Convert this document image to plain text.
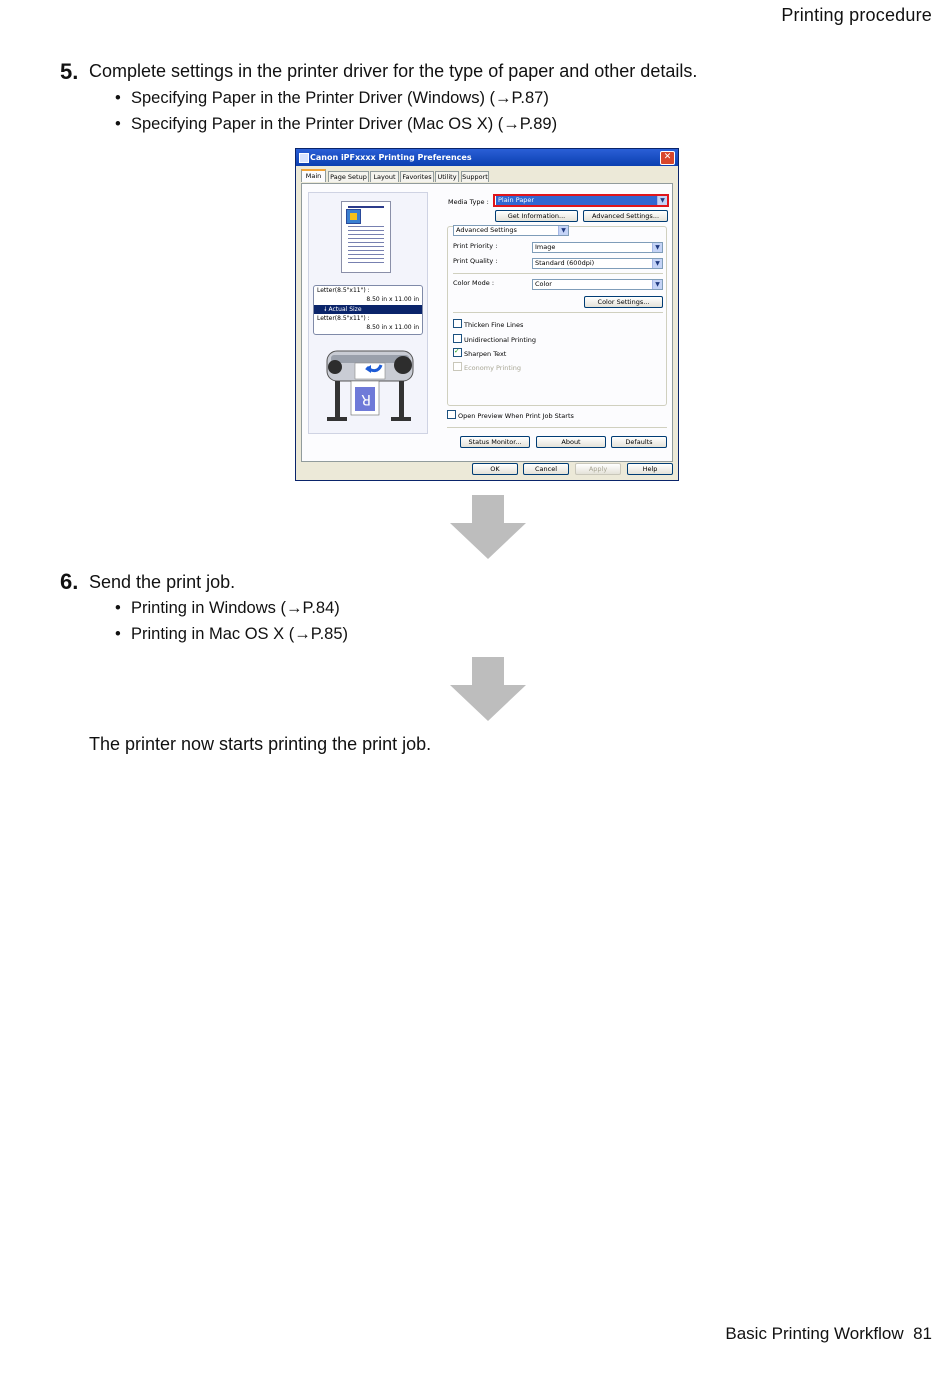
Printing procedure
Basic Printing Workflow 81
5. Complete settings in the printer driver for the type of paper and other details.
• Specifying Paper in the Printer Driver (Windows) (→P.87)
• Specifying Paper in the Printer Driver (Mac OS X) (→P.89)
Canon iPFxxxx Printing Preferences	✕
Main	Page Setup	Layout	Favorites Utility Support
Letter(8.5"x11") :
8.50 in x 11.00 in
🠗 Actual Size
Letter(8.5"x11") :
8.50 in x 11.00 in
R
Media Type :	Plain Paper	▼
Get Information...	Advanced Settings...
Advanced Settings	▼
Print Priority :	Image	▼
Print Quality :	Standard (600dpi)	▼
Color Mode :	Color	▼
Color Settings...
Thicken Fine Lines
Unidirectional Printing
✓Sharpen Text
Economy Printing
Open Preview When Print Job Starts
Status Monitor...	About	Defaults
OK	Cancel	Apply	Help
6. Send the print job.
• Printing in Windows (→P.84)
• Printing in Mac OS X (→P.85)
The printer now starts printing the print job.
